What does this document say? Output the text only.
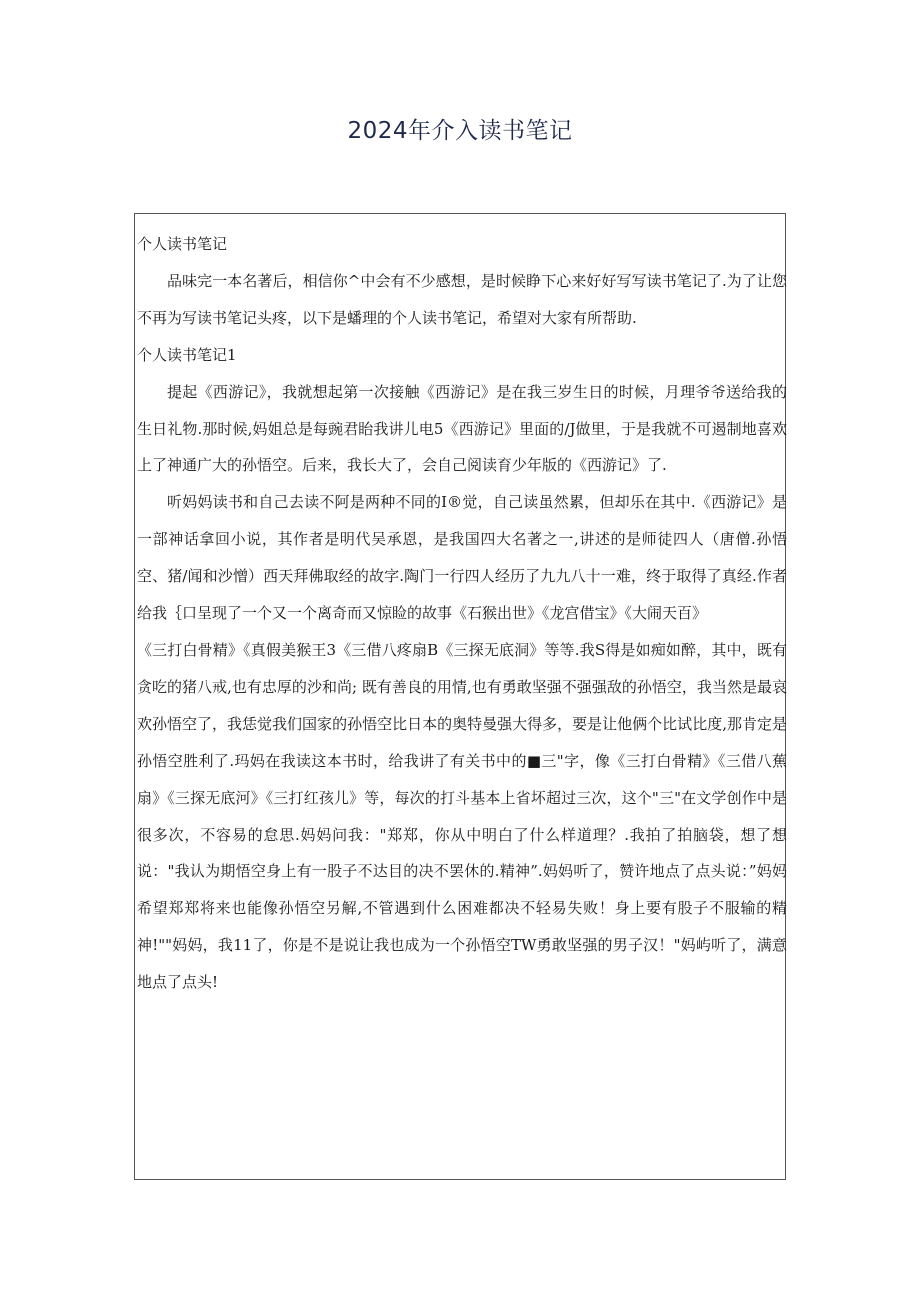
2024年介入读书笔记

个人读书笔记

品味完一本名著后，相信你^中会有不少感想，是时候睁下心来好好写写读书笔记了.为了让您不再为写读书笔记头疼，以下是蟠理的个人读书笔记，希望对大家有所帮助.

个人读书笔记1

提起《西游记》，我就想起第一次接触《西游记》是在我三岁生日的时候，月理爷爷送给我的生日礼物.那时候,妈姐总是每豌君眙我讲儿电5《西游记》里面的/J做里，于是我就不可遏制地喜欢上了神通广大的孙悟空。后来，我长大了，会自己阅读育少年版的《西游记》了.

听妈妈读书和自己去读不阿是两种不同的I®觉，自己读虽然累，但却乐在其中.《西游记》是一部神话拿回小说，其作者是明代吴承恩，是我国四大名著之一,讲述的是师徒四人（唐僧.孙悟空、猪/闻和沙憎）西天拜佛取经的故字.陶门一行四人经历了九九八十一难，终于取得了真经.作者给我｛口呈现了一个又一个离奇而又惊睑的故事《石猴出世》《龙宫借宝》《大闹天百》

《三打白骨精》《真假美猴王3《三借八疼扇B《三探无底洞》等等.我S得是如痴如醉，其中，既有贪吃的猪八戒,也有忠厚的沙和尚; 既有善良的用情,也有勇敢坚强不强强敌的孙悟空，我当然是最哀欢孙悟空了，我恁觉我们国家的孙悟空比日本的奥特曼强大得多，要是让他俩个比试比度,那肯定是孙悟空胜利了.玛妈在我读这本书时，给我讲了有关书中的■三"字，像《三打白骨精》《三借八蕉扇》《三探无底河》《三打红孩儿》等，每次的打斗基本上省坏超过三次，这个"三"在文学创作中是很多次，不容易的怠思.妈妈问我："郑郑，你从中明白了什么样道理？.我拍了拍脑袋，想了想说："我认为期悟空身上有一股子不达目的决不罢休的.精神”.妈妈听了，赞许地点了点头说：”妈妈希望郑郑将来也能像孙悟空另解,不管遇到什么困难都决不轻易失败！身上要有股子不服输的精神!""妈妈，我11了，你是不是说让我也成为一个孙悟空TW勇敢坚强的男子汉！"妈屿听了，满意地点了点头!
